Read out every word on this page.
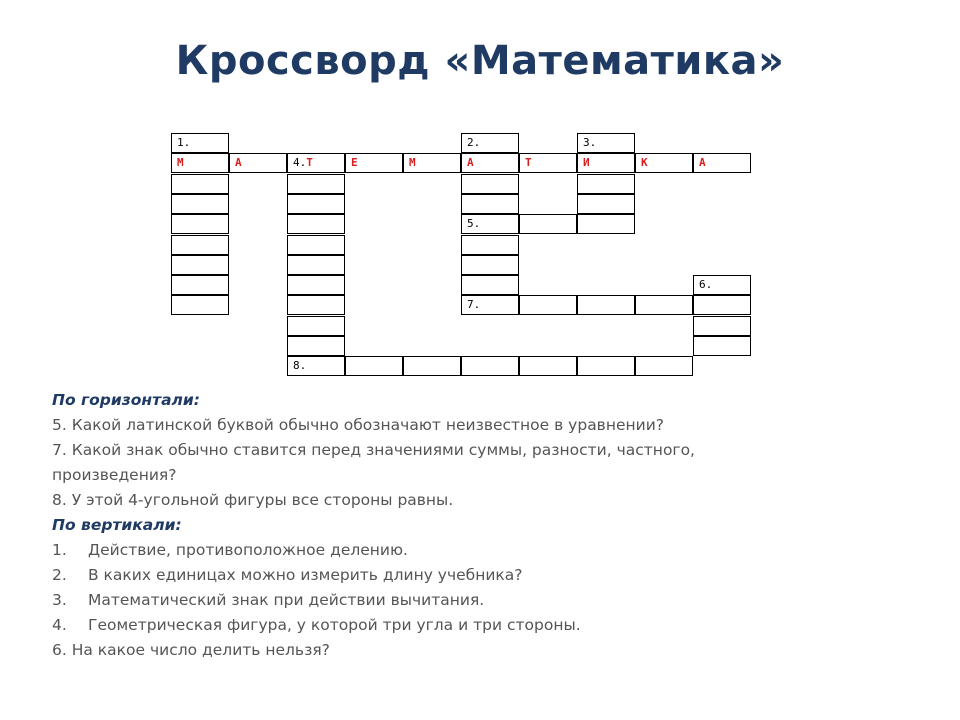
Кроссворд «Математика»
1.	2.	3.
М	А	4.Т	Е	М	А	Т	И	К	А
5.
6.
7.
8.
По горизонтали:
5. Какой латинской буквой обычно обозначают неизвестное в уравнении?
7. Какой знак обычно ставится перед значениями суммы, разности, частного, произведения?
8. У этой 4-угольной фигуры все стороны равны.
По вертикали:
1. Действие, противоположное делению.
2. В каких единицах можно измерить длину учебника?
3. Математический знак при действии вычитания.
4. Геометрическая фигура, у которой три угла и три стороны.
6. На какое число делить нельзя?
